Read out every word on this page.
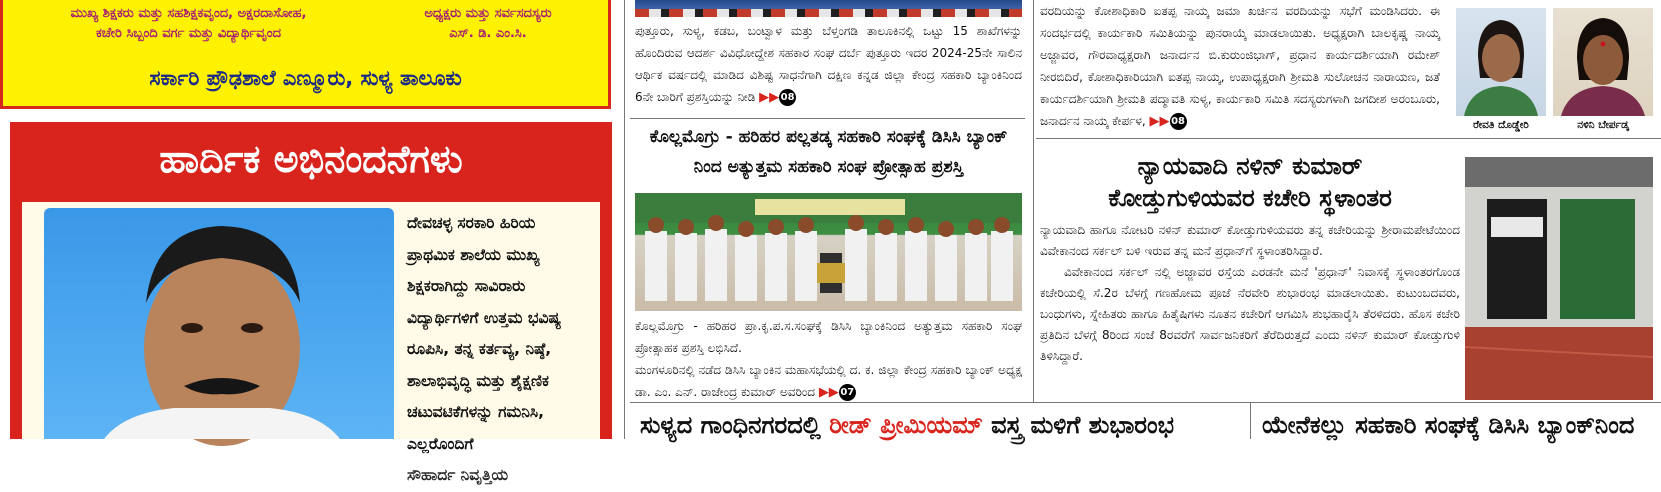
ಮುಖ್ಯ ಶಿಕ್ಷಕರು ಮತ್ತು ಸಹಶಿಕ್ಷಕವೃಂದ, ಅಕ್ಷರದಾಸೋಹ,
ಕಚೇರಿ ಸಿಬ್ಬಂದಿ ವರ್ಗ ಮತ್ತು ವಿದ್ಯಾರ್ಥಿವೃಂದ
ಅಧ್ಯಕ್ಷರು ಮತ್ತು ಸರ್ವಸದಸ್ಯರು
ಎಸ್. ಡಿ. ಎಂ.ಸಿ.
ಸರ್ಕಾರಿ ಪ್ರೌಢಶಾಲೆ ಎಣ್ಮೂರು, ಸುಳ್ಯ ತಾಲೂಕು
ಹಾರ್ದಿಕ ಅಭಿನಂದನೆಗಳು
ದೇವಚಳ್ಳ ಸರಕಾರಿ ಹಿರಿಯ
ಪ್ರಾಥಮಿಕ ಶಾಲೆಯ ಮುಖ್ಯ
ಶಿಕ್ಷಕರಾಗಿದ್ದು ಸಾವಿರಾರು
ವಿದ್ಯಾರ್ಥಿಗಳಿಗೆ ಉತ್ತಮ ಭವಿಷ್ಯ
ರೂಪಿಸಿ, ತನ್ನ ಕರ್ತವ್ಯ, ನಿಷ್ಠೆ,
ಶಾಲಾಭಿವೃದ್ಧಿ ಮತ್ತು ಶೈಕ್ಷಣಿಕ
ಚಟುವಟಿಕೆಗಳನ್ನು ಗಮನಿಸಿ,
ಎಲ್ಲರೊಂದಿಗೆ
ಸೌಹಾರ್ದ ನಿವೃತ್ತಿಯ
ಪುತ್ತೂರು, ಸುಳ್ಯ, ಕಡಬ, ಬಂಟ್ವಾಳ ಮತ್ತು ಬೆಳ್ತಂಗಡಿ ತಾಲೂಕಿನಲ್ಲಿ ಒಟ್ಟು 15 ಶಾಖೆಗಳನ್ನು ಹೊಂದಿರುವ ಆದರ್ಶ ವಿವಿಧೋದ್ದೇಶ ಸಹಕಾರ ಸಂಘ ದರ್ಬೆ ಪುತ್ತೂರು ಇದರ 2024-25ನೇ ಸಾಲಿನ ಆರ್ಥಿಕ ವರ್ಷದಲ್ಲಿ ಮಾಡಿದ ವಿಶಿಷ್ಟ ಸಾಧನೆಗಾಗಿ ದಕ್ಷಿಣ ಕನ್ನಡ ಜಿಲ್ಲಾ ಕೇಂದ್ರ ಸಹಕಾರಿ ಬ್ಯಾಂಕಿನಿಂದ 6ನೇ ಬಾರಿಗೆ ಪ್ರಶಸ್ತಿಯನ್ನು ನೀಡಿ ▶▶ 08
ಕೊಲ್ಲಮೊಗ್ರು - ಹರಿಹರ ಪಲ್ಲತಡ್ಕ ಸಹಕಾರಿ ಸಂಘಕ್ಕೆ ಡಿಸಿಸಿ ಬ್ಯಾಂಕ್ ನಿಂದ ಅತ್ಯುತ್ತಮ ಸಹಕಾರಿ ಸಂಘ ಪ್ರೋತ್ಸಾಹ ಪ್ರಶಸ್ತಿ
ಕೊಲ್ಲಮೊಗ್ರು - ಹರಿಹರ ಪ್ರಾ.ಕೃ.ಪ.ಸ.ಸಂಘಕ್ಕೆ ಡಿಸಿಸಿ ಬ್ಯಾಂಕಿನಿಂದ ಅತ್ಯುತ್ತಮ ಸಹಕಾರಿ ಸಂಘ ಪ್ರೋತ್ಸಾಹಕ ಪ್ರಶಸ್ತಿ ಲಭಿಸಿದೆ.
ಮಂಗಳೂರಿನಲ್ಲಿ ನಡೆದ ಡಿಸಿಸಿ ಬ್ಯಾಂಕಿನ ಮಹಾಸಭೆಯಲ್ಲಿ ದ. ಕ. ಜಿಲ್ಲಾ ಕೇಂದ್ರ ಸಹಕಾರಿ ಬ್ಯಾಂಕ್ ಅಧ್ಯಕ್ಷ ಡಾ. ಎಂ. ಎನ್. ರಾಜೇಂದ್ರ ಕುಮಾರ್ ಅವರಿಂದ ▶▶ 07
ಸುಳ್ಯದ ಗಾಂಧಿನಗರದಲ್ಲಿ ರೀಡ್ ಪ್ರೀಮಿಯಮ್ ವಸ್ತ್ರ ಮಳಿಗೆ ಶುಭಾರಂಭ	ಯೇನೆಕಲ್ಲು ಸಹಕಾರಿ ಸಂಘಕ್ಕೆ ಡಿಸಿಸಿ ಬ್ಯಾಂಕ್‌ನಿಂದ
ವರದಿಯನ್ನು ಕೋಶಾಧಿಕಾರಿ ಐತಪ್ಪ ನಾಯ್ಕ ಜಮಾ ಖರ್ಚಿನ ವರದಿಯನ್ನು ಸಭೆಗೆ ಮಂಡಿಸಿದರು. ಈ ಸಂದರ್ಭದಲ್ಲಿ ಕಾರ್ಯಕಾರಿ ಸಮಿತಿಯನ್ನು ಪುನರಾಯ್ಕೆ ಮಾಡಲಾಯಿತು. ಅಧ್ಯಕ್ಷರಾಗಿ ಬಾಲಕೃಷ್ಣ ನಾಯ್ಕ ಅಜ್ಜಾವರ, ಗೌರವಾಧ್ಯಕ್ಷರಾಗಿ ಜನಾರ್ದನ ಬಿ.ಕುರುಂಜಿಭಾಗ್, ಪ್ರಧಾನ ಕಾರ್ಯದರ್ಶಿಯಾಗಿ ರಮೇಶ್ ನೀರಬಿದಿರೆ, ಕೋಶಾಧಿಕಾರಿಯಾಗಿ ಐತಪ್ಪ ನಾಯ್ಕ, ಉಪಾಧ್ಯಕ್ಷರಾಗಿ ಶ್ರೀಮತಿ ಸುಲೋಚನ ನಾರಾಯಣ, ಜತೆ ಕಾರ್ಯದರ್ಶಿಯಾಗಿ ಶ್ರೀಮತಿ ಪದ್ಮಾವತಿ ಸುಳ್ಯ, ಕಾರ್ಯಕಾರಿ ಸಮಿತಿ ಸದಸ್ಯರುಗಳಾಗಿ ಜಗದೀಶ ಅರಂಬೂರು, ಜನಾರ್ದನ ನಾಯ್ಕ ಕೇರ್ಪಳ, ▶▶ 08	ರೇವತಿ ದೊಡ್ಡೇರಿ	ನಳಿನಿ ಬೇರ್ಪಡ್ಕ
ನ್ಯಾಯವಾದಿ ನಳಿನ್ ಕುಮಾರ್
ಕೋಡ್ತುಗುಳಿಯವರ ಕಚೇರಿ ಸ್ಥಳಾಂತರ
ನ್ಯಾಯವಾದಿ ಹಾಗೂ ನೋಟರಿ ನಳಿನ್ ಕುಮಾರ್ ಕೋಡ್ತುಗುಳಿಯವರು ತನ್ನ ಕಚೇರಿಯನ್ನು ಶ್ರೀರಾಮಪೇಟೆಯಿಂದ ವಿವೇಕಾನಂದ ಸರ್ಕಲ್ ಬಳಿ ಇರುವ ತನ್ನ ಮನೆ ಪ್ರಧಾನ್‌ಗೆ ಸ್ಥಳಾಂತರಿಸಿದ್ದಾರೆ.
ವಿವೇಕಾನಂದ ಸರ್ಕಲ್ ನಲ್ಲಿ ಅಜ್ಜಾವರ ರಸ್ತೆಯ ಎರಡನೇ ಮನೆ 'ಪ್ರಧಾನ್' ನಿವಾಸಕ್ಕೆ ಸ್ಥಳಾಂತರಗೊಂಡ ಕಚೇರಿಯಲ್ಲಿ ಸೆ.2ರ ಬೆಳಗ್ಗೆ ಗಣಹೋಮ ಪೂಜೆ ನೆರವೇರಿ ಶುಭಾರಂಭ ಮಾಡಲಾಯಿತು. ಕುಟುಂಬದವರು, ಬಂಧುಗಳು, ಸ್ನೇಹಿತರು ಹಾಗೂ ಹಿತೈಷಿಗಳು ನೂತನ ಕಚೇರಿಗೆ ಆಗಮಿಸಿ ಶುಭಹಾರೈಸಿ ತೆರಳಿದರು. ಹೊಸ ಕಚೇರಿ ಪ್ರತಿದಿನ ಬೆಳಗ್ಗೆ 8ರಿಂದ ಸಂಜೆ 8ರವರೆಗೆ ಸಾರ್ವಜನಿಕರಿಗೆ ತೆರೆದಿರುತ್ತದೆ ಎಂದು ನಳಿನ್ ಕುಮಾರ್ ಕೋಡ್ತುಗುಳಿ ತಿಳಿಸಿದ್ದಾರೆ.
